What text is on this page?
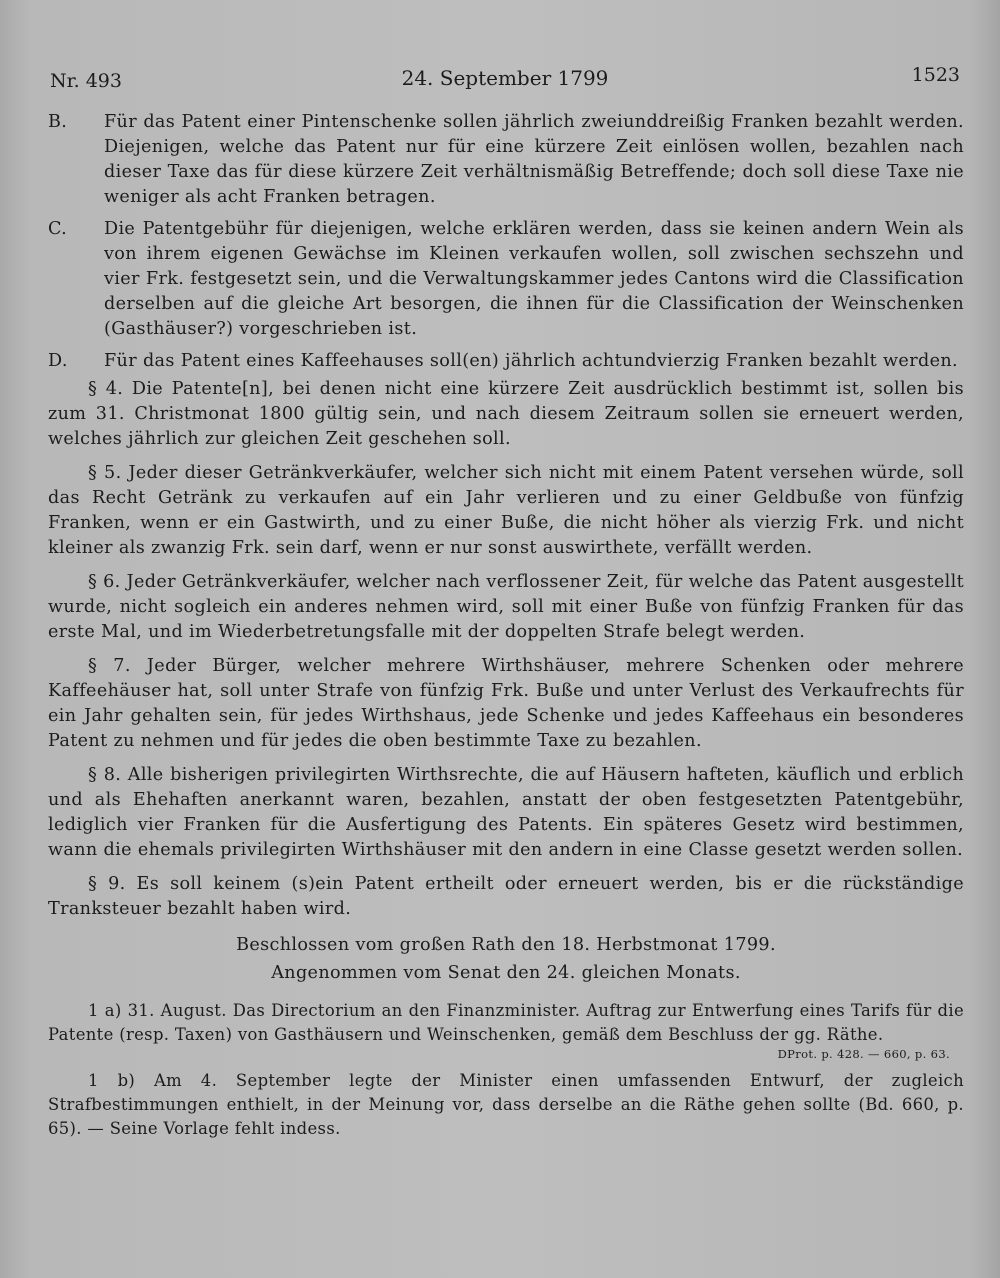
Nr. 493	24. September 1799	1523
B. Für das Patent einer Pintenschenke sollen jährlich zweiunddreißig Franken bezahlt werden. Diejenigen, welche das Patent nur für eine kürzere Zeit einlösen wollen, bezahlen nach dieser Taxe das für diese kürzere Zeit verhältnismäßig Betreffende; doch soll diese Taxe nie weniger als acht Franken betragen.
C. Die Patentgebühr für diejenigen, welche erklären werden, dass sie keinen andern Wein als von ihrem eigenen Gewächse im Kleinen verkaufen wollen, soll zwischen sechszehn und vier Frk. festgesetzt sein, und die Verwaltungskammer jedes Cantons wird die Classification derselben auf die gleiche Art besorgen, die ihnen für die Classification der Weinschenken (Gasthäuser?) vorgeschrieben ist.
D. Für das Patent eines Kaffeehauses soll(en) jährlich achtundvierzig Franken bezahlt werden.

§ 4. Die Patente[n], bei denen nicht eine kürzere Zeit ausdrücklich bestimmt ist, sollen bis zum 31. Christmonat 1800 gültig sein, und nach diesem Zeitraum sollen sie erneuert werden, welches jährlich zur gleichen Zeit geschehen soll.

§ 5. Jeder dieser Getränkverkäufer, welcher sich nicht mit einem Patent versehen würde, soll das Recht Getränk zu verkaufen auf ein Jahr verlieren und zu einer Geldbuße von fünfzig Franken, wenn er ein Gastwirth, und zu einer Buße, die nicht höher als vierzig Frk. und nicht kleiner als zwanzig Frk. sein darf, wenn er nur sonst auswirthete, verfällt werden.

§ 6. Jeder Getränkverkäufer, welcher nach verflossener Zeit, für welche das Patent ausgestellt wurde, nicht sogleich ein anderes nehmen wird, soll mit einer Buße von fünfzig Franken für das erste Mal, und im Wiederbetretungsfalle mit der doppelten Strafe belegt werden.

§ 7. Jeder Bürger, welcher mehrere Wirthshäuser, mehrere Schenken oder mehrere Kaffeehäuser hat, soll unter Strafe von fünfzig Frk. Buße und unter Verlust des Verkaufrechts für ein Jahr gehalten sein, für jedes Wirthshaus, jede Schenke und jedes Kaffeehaus ein besonderes Patent zu nehmen und für jedes die oben bestimmte Taxe zu bezahlen.

§ 8. Alle bisherigen privilegirten Wirthsrechte, die auf Häusern hafteten, käuflich und erblich und als Ehehaften anerkannt waren, bezahlen, anstatt der oben festgesetzten Patentgebühr, lediglich vier Franken für die Ausfertigung des Patents. Ein späteres Gesetz wird bestimmen, wann die ehemals privilegirten Wirthshäuser mit den andern in eine Classe gesetzt werden sollen.

§ 9. Es soll keinem (s)ein Patent ertheilt oder erneuert werden, bis er die rückständige Tranksteuer bezahlt haben wird.

Beschlossen vom großen Rath den 18. Herbstmonat 1799.

Angenommen vom Senat den 24. gleichen Monats.

1 a) 31. August. Das Directorium an den Finanzminister. Auftrag zur Entwerfung eines Tarifs für die Patente (resp. Taxen) von Gasthäusern und Weinschenken, gemäß dem Beschluss der gg. Räthe.

DProt. p. 428. — 660, p. 63.

1 b) Am 4. September legte der Minister einen umfassenden Entwurf, der zugleich Strafbestimmungen enthielt, in der Meinung vor, dass derselbe an die Räthe gehen sollte (Bd. 660, p. 65). — Seine Vorlage fehlt indess.
